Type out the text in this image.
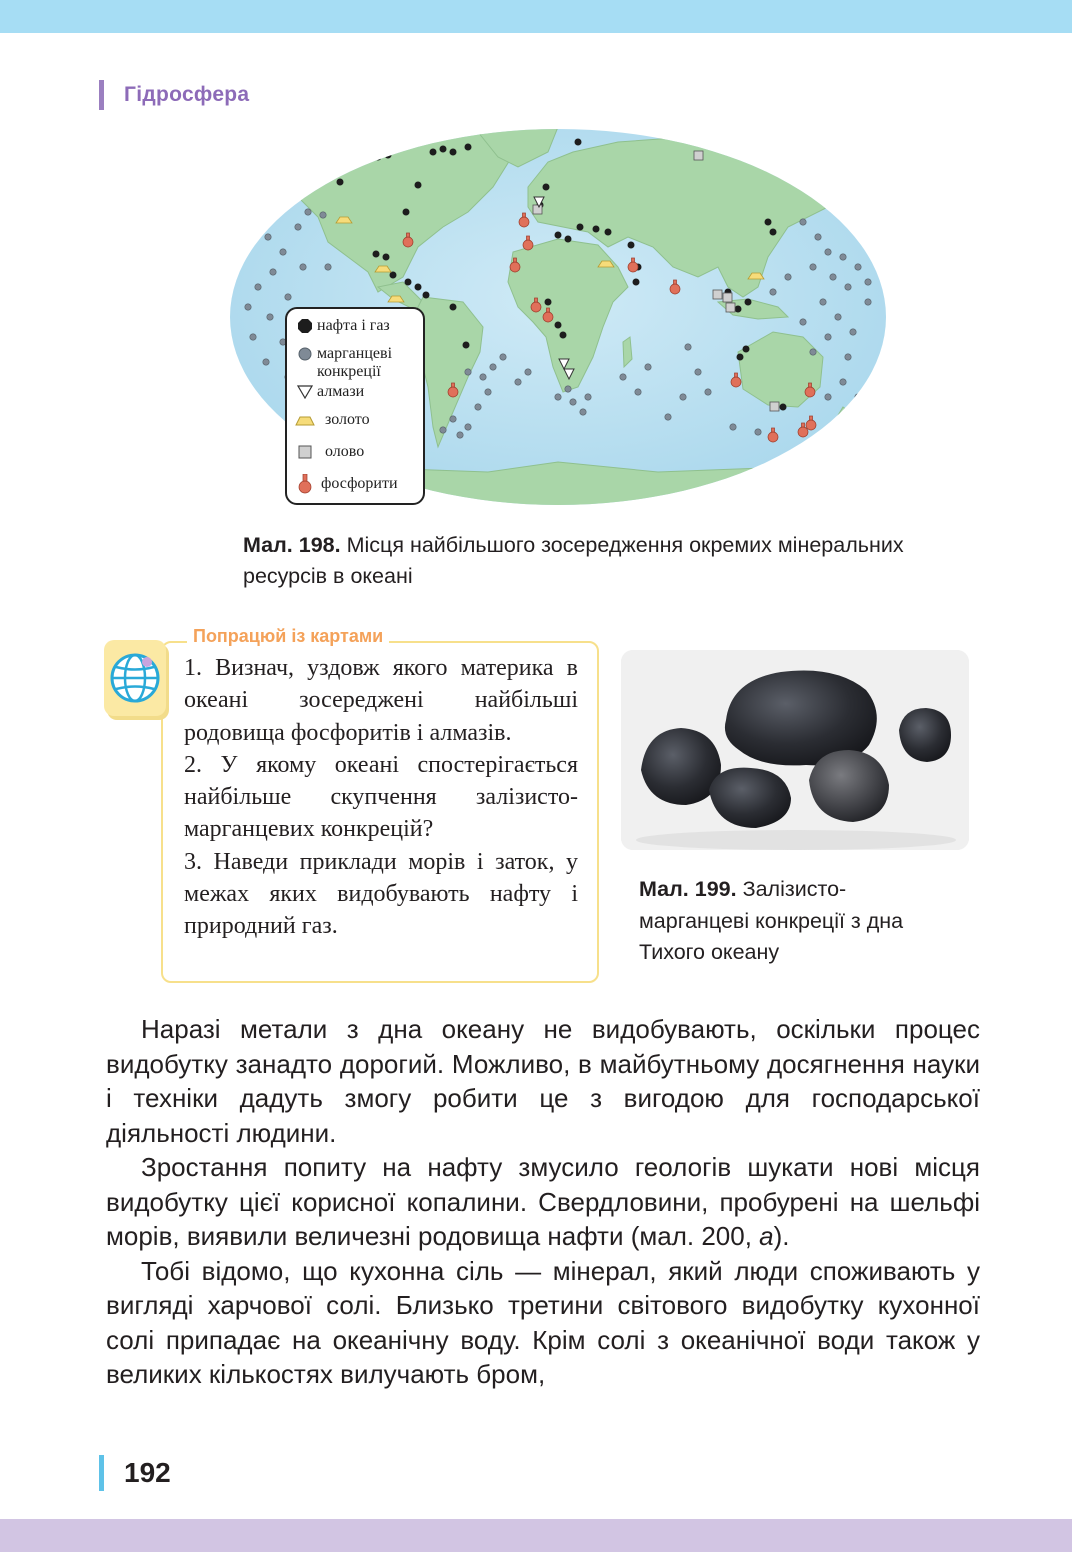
Гідросфера
нафта і газ
марганцеві конкреції
алмази
золото
олово
фосфорити
Мал. 198. Місця найбільшого зосередження окремих мінеральних ресурсів в океані
Попрацюй із картами
1. Визнач, уздовж якого материка в океані зосереджені найбільші родовища фосфоритів і алмазів.
2. У якому океані спостерігається найбільше скупчення залізисто-марганцевих конкрецій?
3. Наведи приклади морів і заток, у межах яких видобувають нафту і природний газ.
Мал. 199. Залізисто-марганцеві конкреції з дна Тихого океану

Наразі метали з дна океану не видобувають, оскільки процес видобутку занадто дорогий. Можливо, в майбутньому досягнення науки і техніки дадуть змогу робити це з вигодою для господарської діяльності людини.

Зростання попиту на нафту змусило геологів шукати нові місця видобутку цієї корисної копалини. Свердловини, пробурені на шельфі морів, виявили величезні родовища нафти (мал. 200, а).

Тобі відомо, що кухонна сіль — мінерал, який люди споживають у вигляді харчової солі. Близько третини світового видобутку кухонної солі припадає на океанічну воду. Крім солі з океанічної води також у великих кількостях вилучають бром,

192
